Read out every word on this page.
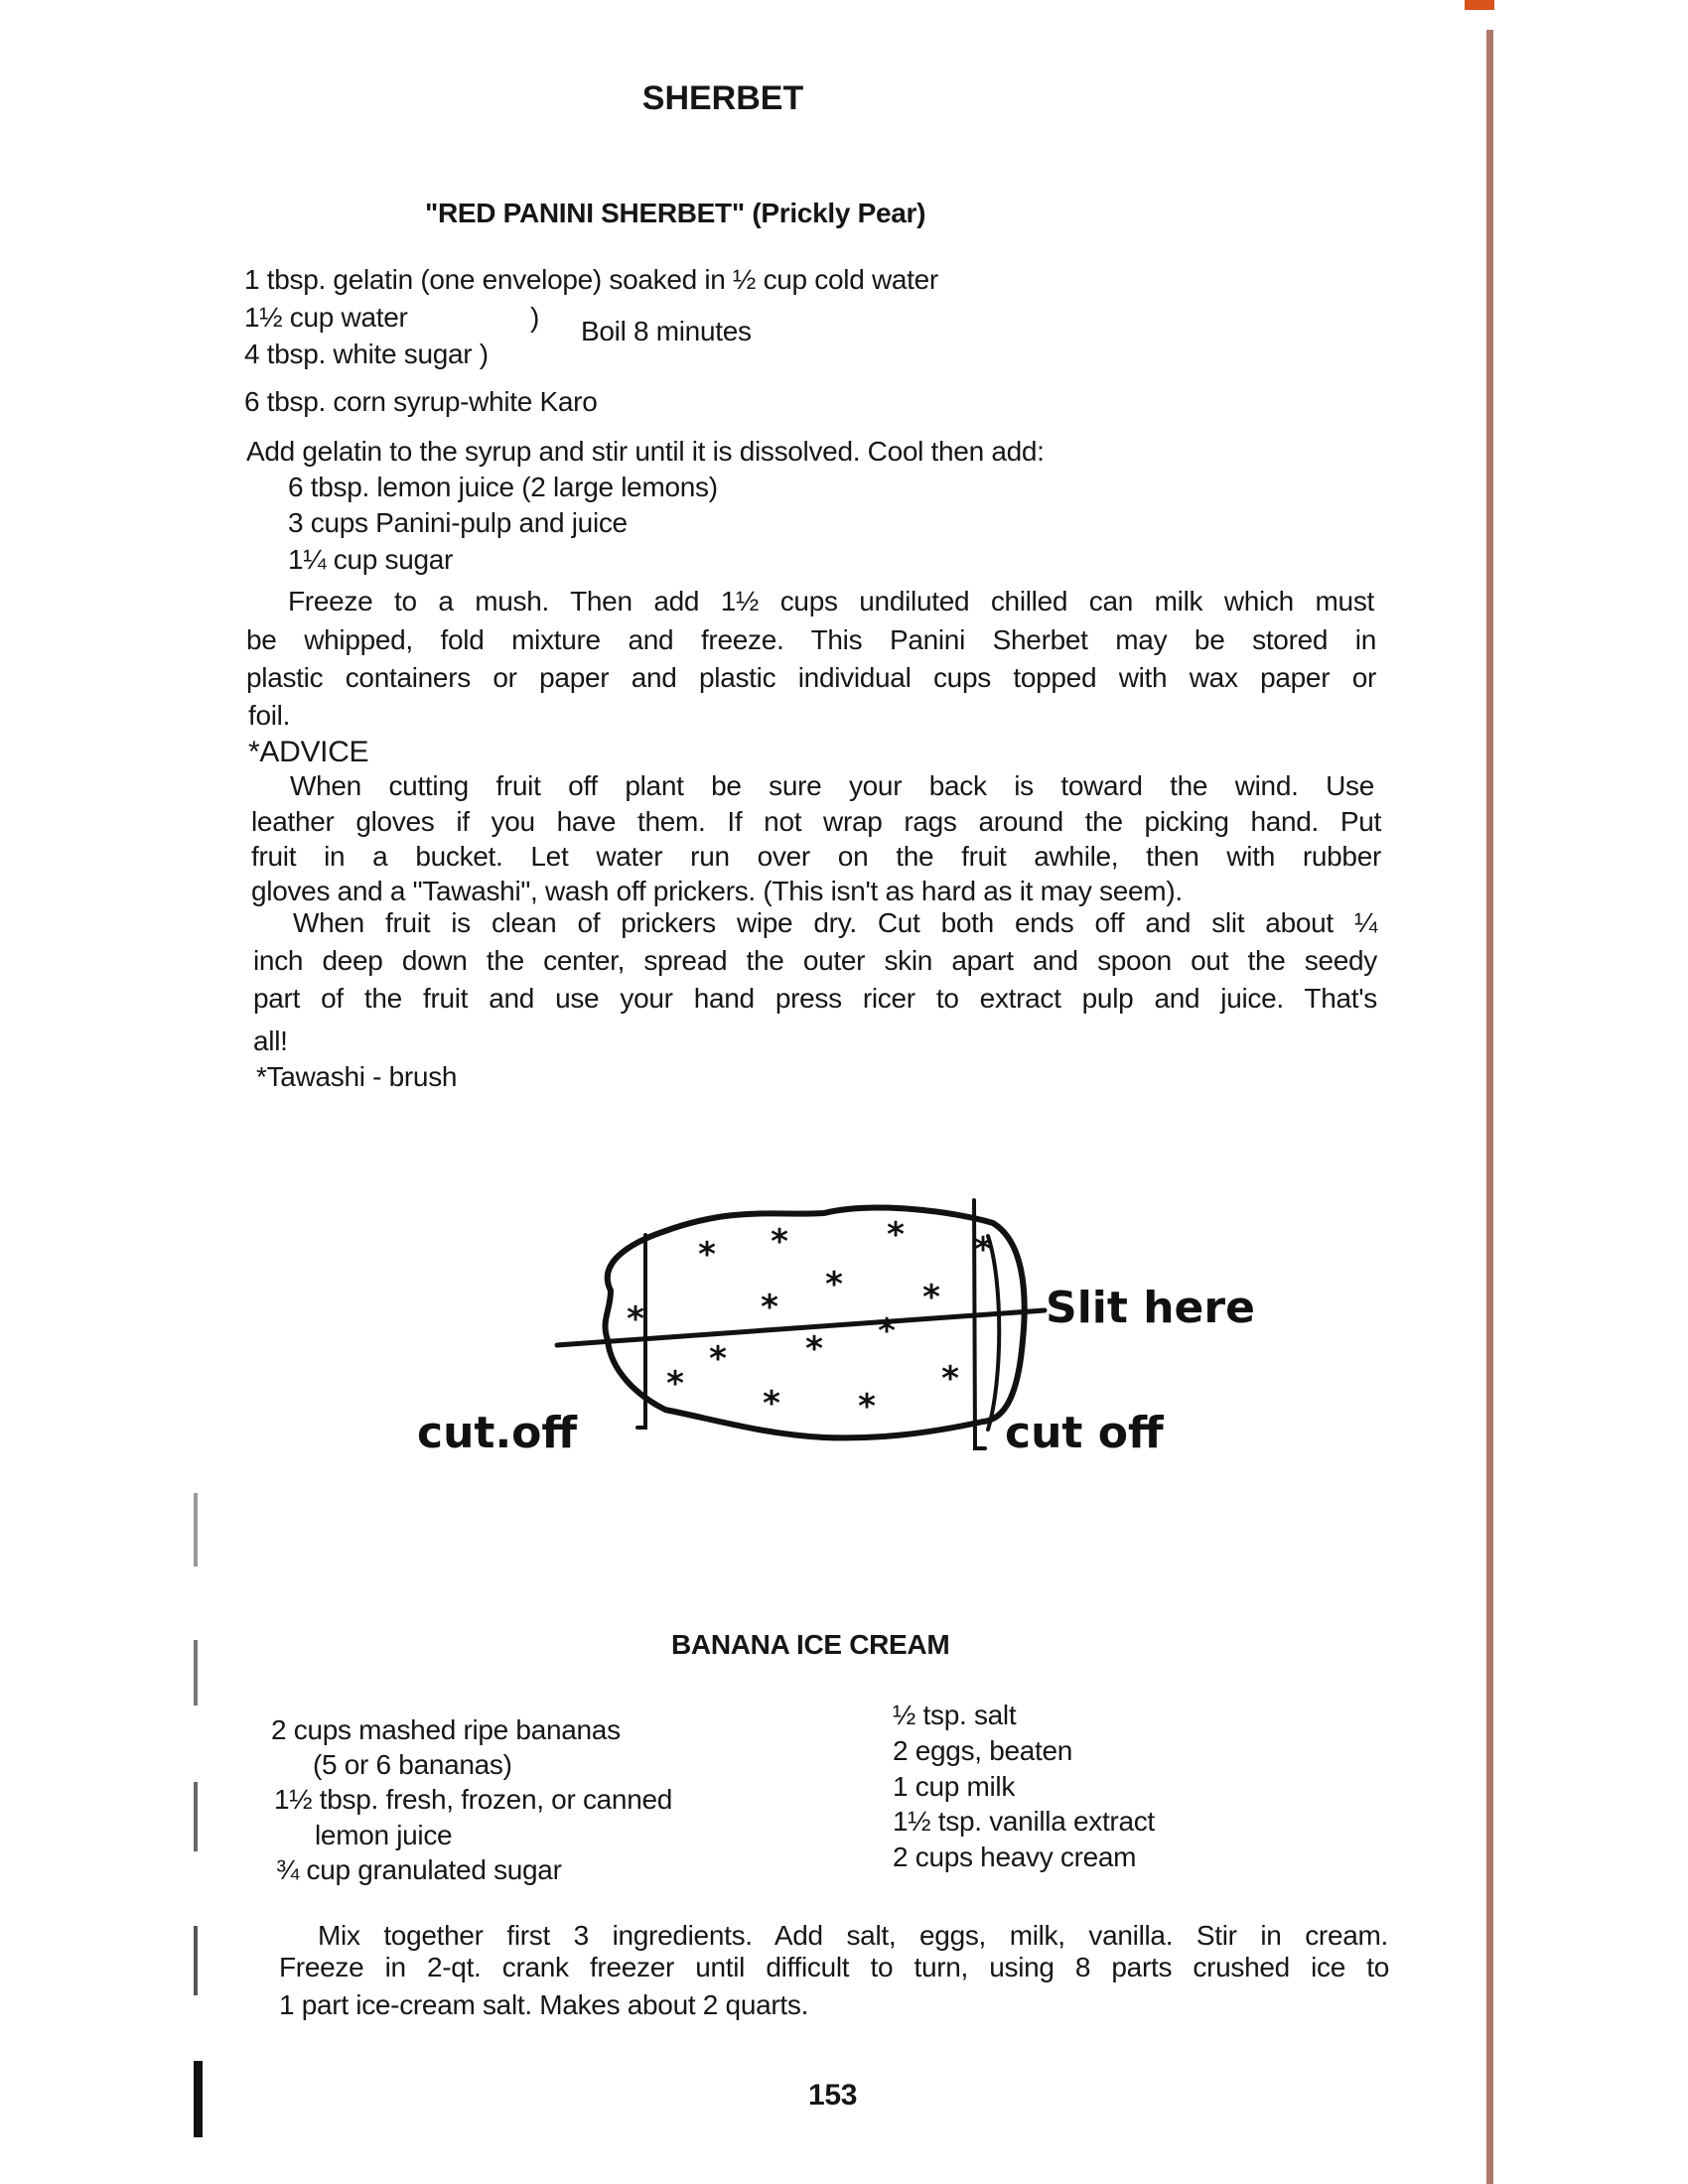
SHERBET
"RED PANINI SHERBET" (Prickly Pear)
1 tbsp. gelatin (one envelope) soaked in ½ cup cold water
1½ cup water	) Boil 8 minutes
4 tbsp. white sugar )
6 tbsp. corn syrup-white Karo
Add gelatin to the syrup and stir until it is dissolved. Cool then add:
6 tbsp. lemon juice (2 large lemons)
3 cups Panini-pulp and juice
1¼ cup sugar
Freeze to a mush. Then add 1½ cups undiluted chilled can milk which must
be whipped, fold mixture and freeze. This Panini Sherbet may be stored in
plastic containers or paper and plastic individual cups topped with wax paper or
foil.
*ADVICE
When cutting fruit off plant be sure your back is toward the wind. Use
leather gloves if you have them. If not wrap rags around the picking hand. Put
fruit in a bucket. Let water run over on the fruit awhile, then with rubber
gloves and a "Tawashi", wash off prickers. (This isn't as hard as it may seem).
When fruit is clean of prickers wipe dry. Cut both ends off and slit about ¼
inch deep down the center, spread the outer skin apart and spoon out the seedy
part of the fruit and use your hand press ricer to extract pulp and juice. That's
all!
*Tawashi - brush
* *	*
* *
*
*	*
* *
* * *
*
*
Slit here
cut.off	cut off
BANANA ICE CREAM
2 cups mashed ripe bananas
(5 or 6 bananas)
1½ tbsp. fresh, frozen, or canned
lemon juice
¾ cup granulated sugar
½ tsp. salt
2 eggs, beaten
1 cup milk
1½ tsp. vanilla extract
2 cups heavy cream
Mix together first 3 ingredients. Add salt, eggs, milk, vanilla. Stir in cream.
Freeze in 2-qt. crank freezer until difficult to turn, using 8 parts crushed ice to
1 part ice-cream salt. Makes about 2 quarts.
153
